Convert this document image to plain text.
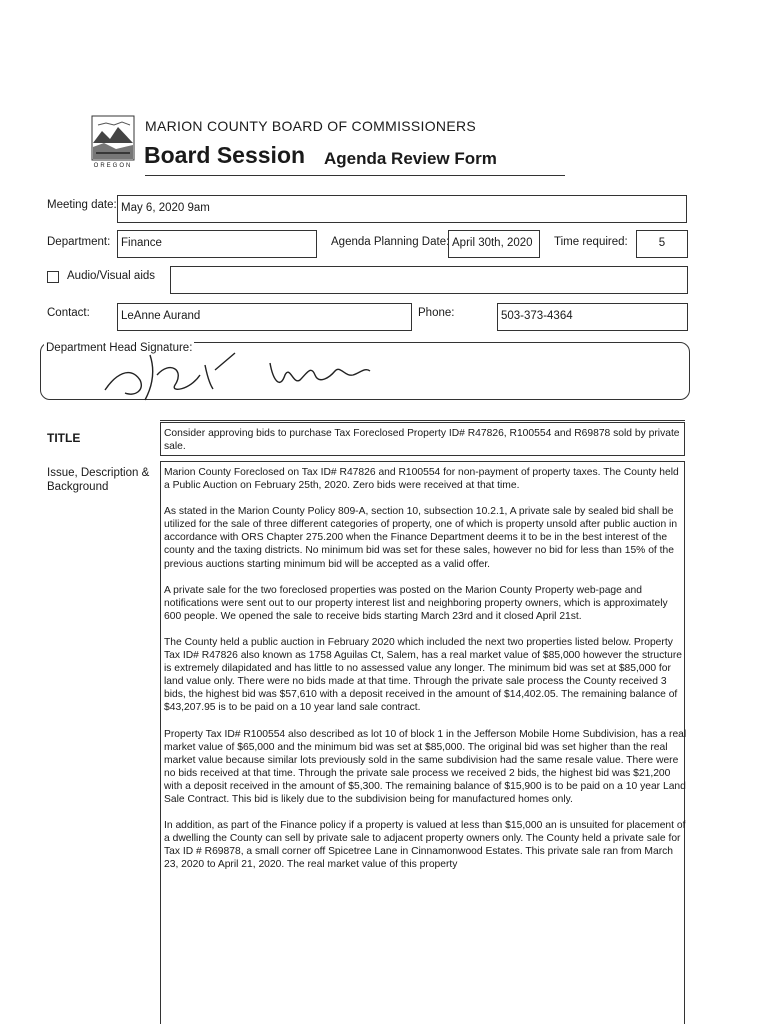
OREGON
MARION COUNTY BOARD OF COMMISSIONERS
Board Session Agenda Review Form
Meeting date: May 6, 2020 9am
Department: Finance	Agenda Planning Date: April 30th, 2020	Time required:	5
Audio/Visual aids
Contact:	LeAnne Aurand	Phone:	503-373-4364
Department Head Signature:
TITLE	Consider approving bids to purchase Tax Foreclosed Property ID# R47826, R100554 and R69878 sold by private sale.
Issue, Description & Background

Marion County Foreclosed on Tax ID# R47826 and R100554 for non-payment of property taxes. The County held a Public Auction on February 25th, 2020. Zero bids were received at that time.

As stated in the Marion County Policy 809-A, section 10, subsection 10.2.1, A private sale by sealed bid shall be utilized for the sale of three different categories of property, one of which is property unsold after public auction in accordance with ORS Chapter 275.200 when the Finance Department deems it to be in the best interest of the county and the taxing districts. No minimum bid was set for these sales, however no bid for less than 15% of the previous auctions starting minimum bid will be accepted as a valid offer.

A private sale for the two foreclosed properties was posted on the Marion County Property web-page and notifications were sent out to our property interest list and neighboring property owners, which is approximately 600 people. We opened the sale to receive bids starting March 23rd and it closed April 21st.

The County held a public auction in February 2020 which included the next two properties listed below. Property Tax ID# R47826 also known as 1758 Aguilas Ct, Salem, has a real market value of $85,000 however the structure is extremely dilapidated and has little to no assessed value any longer. The minimum bid was set at $85,000 for land value only. There were no bids made at that time. Through the private sale process the County received 3 bids, the highest bid was $57,610 with a deposit received in the amount of $14,402.05. The remaining balance of $43,207.95 is to be paid on a 10 year land sale contract.

Property Tax ID# R100554 also described as lot 10 of block 1 in the Jefferson Mobile Home Subdivision, has a real market value of $65,000 and the minimum bid was set at $85,000. The original bid was set higher than the real market value because similar lots previously sold in the same subdivision had the same resale value. There were no bids received at that time. Through the private sale process we received 2 bids, the highest bid was $21,200 with a deposit received in the amount of $5,300. The remaining balance of $15,900 is to be paid on a 10 year Land Sale Contract. This bid is likely due to the subdivision being for manufactured homes only.

In addition, as part of the Finance policy if a property is valued at less than $15,000 an is unsuited for placement of a dwelling the County can sell by private sale to adjacent property owners only. The County held a private sale for Tax ID # R69878, a small corner off Spicetree Lane in Cinnamonwood Estates. This private sale ran from March 23, 2020 to April 21, 2020. The real market value of this property
